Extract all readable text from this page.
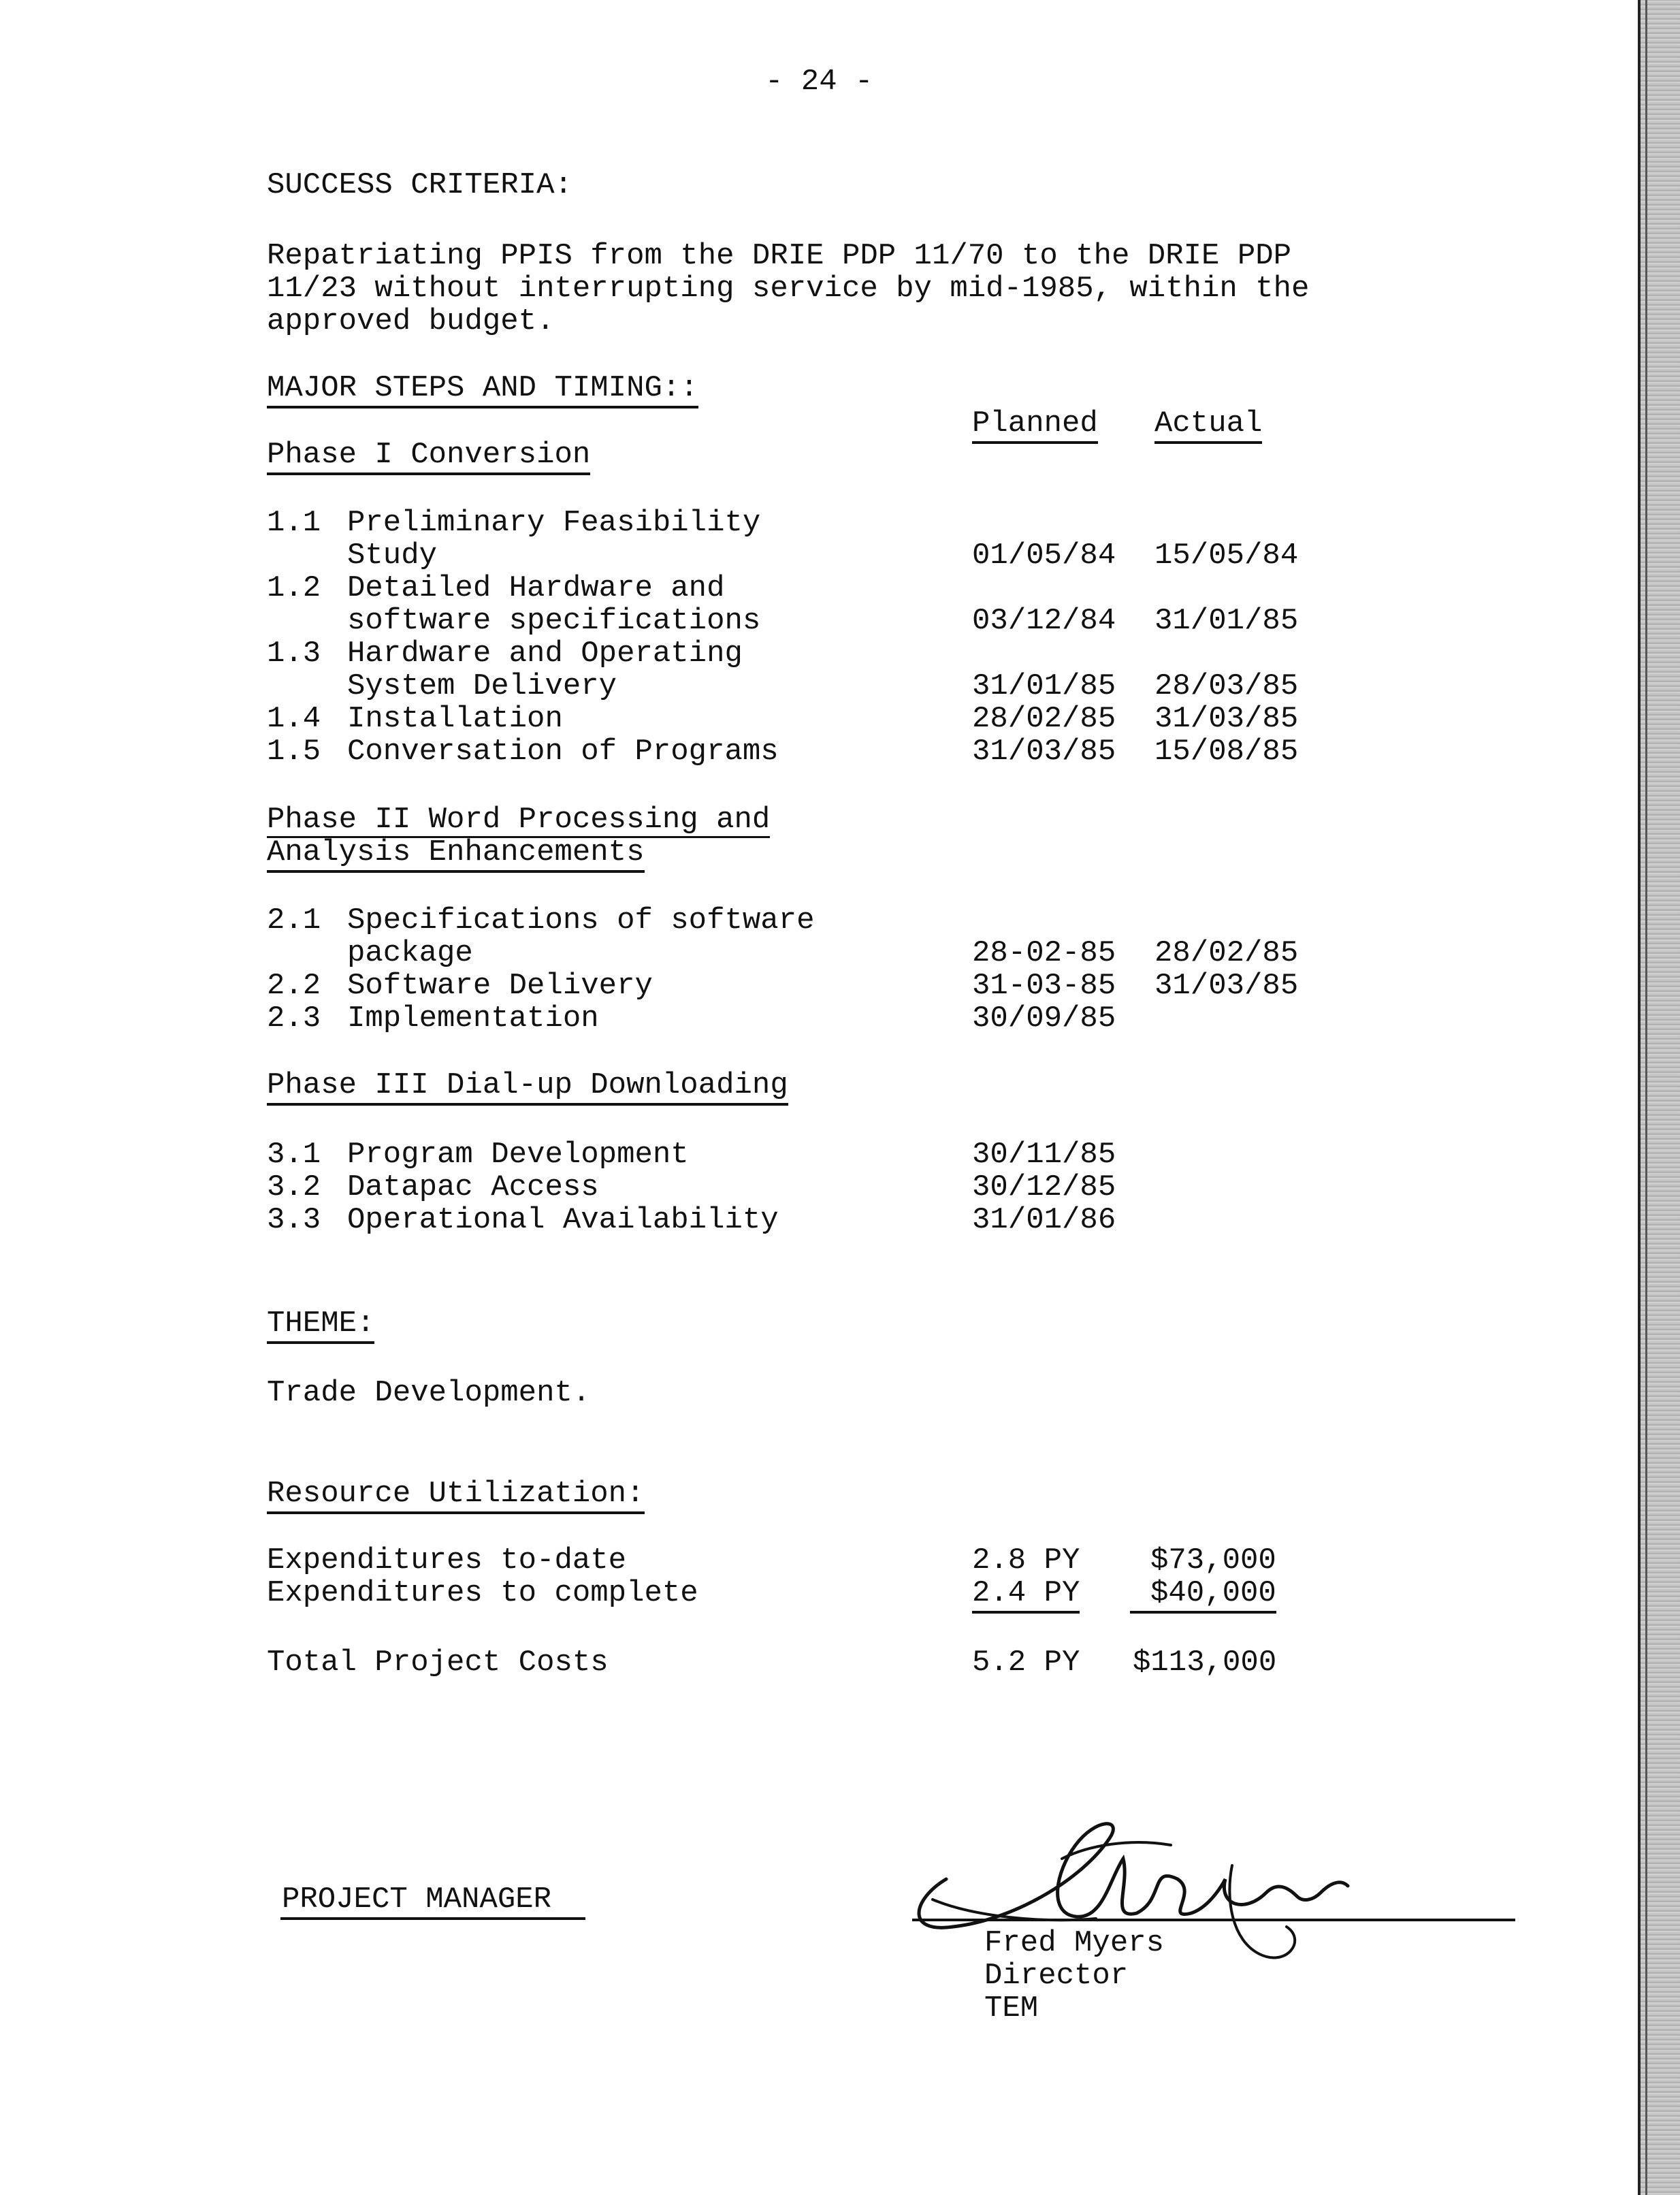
- 24 -
SUCCESS CRITERIA:
Repatriating PPIS from the DRIE PDP 11/70 to the DRIE PDP
11/23 without interrupting service by mid-1985, within the
approved budget.
MAJOR STEPS AND TIMING::
Planned Actual
Phase I Conversion
1.1 Preliminary Feasibility
Study	01/05/84 15/05/84
1.2 Detailed Hardware and
software specifications	03/12/84 31/01/85
1.3 Hardware and Operating
System Delivery	31/01/85 28/03/85
1.4 Installation	28/02/85 31/03/85
1.5 Conversation of Programs	31/03/85 15/08/85
Phase II Word Processing and
Analysis Enhancements
2.1 Specifications of software
package	28-02-85 28/02/85
2.2 Software Delivery	31-03-85 31/03/85
2.3 Implementation	30/09/85
Phase III Dial-up Downloading
3.1 Program Development	30/11/85
3.2 Datapac Access	30/12/85
3.3 Operational Availability	31/01/86
THEME:
Trade Development.
Resource Utilization:
Expenditures to-date	2.8 PY $73,000
Expenditures to complete	2.4 PY	$40,000
Total Project Costs	5.2 PY $113,000
PROJECT MANAGER
Fred Myers
Director
TEM
